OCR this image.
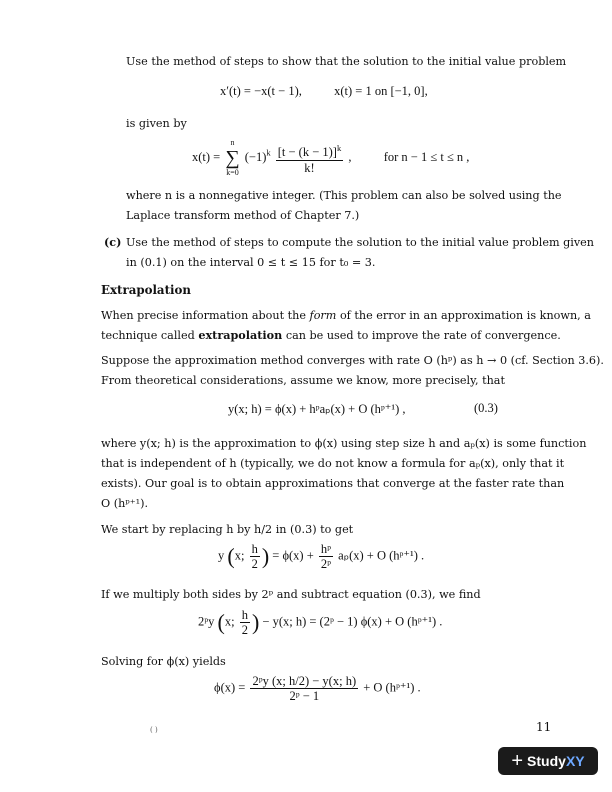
Use the method of steps to show that the solution to the initial value problem
x′(t) = −x(t − 1),	x(t) = 1 on [−1, 0],
is given by
x(t) =
n
∑
k=0
$(-1)^k \frac{[t - (k - 1)]^k}{k!}$ ,	for n − 1 ≤ t ≤ n ,
where n is a nonnegative integer. (This problem can also be solved using the
Laplace transform method of Chapter 7.)
(c) Use the method of steps to compute the solution to the initial value problem given
in (0.1) on the interval 0 ≤ t ≤ 15 for t₀ = 3.
Extrapolation
When precise information about the form of the error in an approximation is known, a
technique called extrapolation can be used to improve the rate of convergence.
Suppose the approximation method converges with rate O (hᵖ) as h → 0 (cf. Section 3.6).
From theoretical considerations, assume we know, more precisely, that
y(x; h) = ϕ(x) + hᵖaₚ(x) + O (hᵖ⁺¹) ,	(0.3)
where y(x; h) is the approximation to ϕ(x) using step size h and aₚ(x) is some function
that is independent of h (typically, we do not know a formula for aₚ(x), only that it
exists). Our goal is to obtain approximations that converge at the faster rate than
O (hᵖ⁺¹).
We start by replacing h by h/2 in (0.3) to get
y (x; $\frac{h}{2}$ ) = $\phi(x) + \frac{\text{hᵖ}}{\text{2ᵖ}} a_p(x) + O$ (hᵖ⁺¹) .
If we multiply both sides by 2ᵖ and subtract equation (0.3), we find
2ᵖy (x; $\frac{h}{2}$ ) − y(x; h) = (2ᵖ − 1) ϕ(x) + O (hᵖ⁺¹) .
Solving for ϕ(x) yields
$\phi(x) = \frac{\text{2ᵖy (x; h/2) − y(x; h)}}{\text{2ᵖ − 1}} + O$ (hᵖ⁺¹) .
( )	11
+ Study XY
